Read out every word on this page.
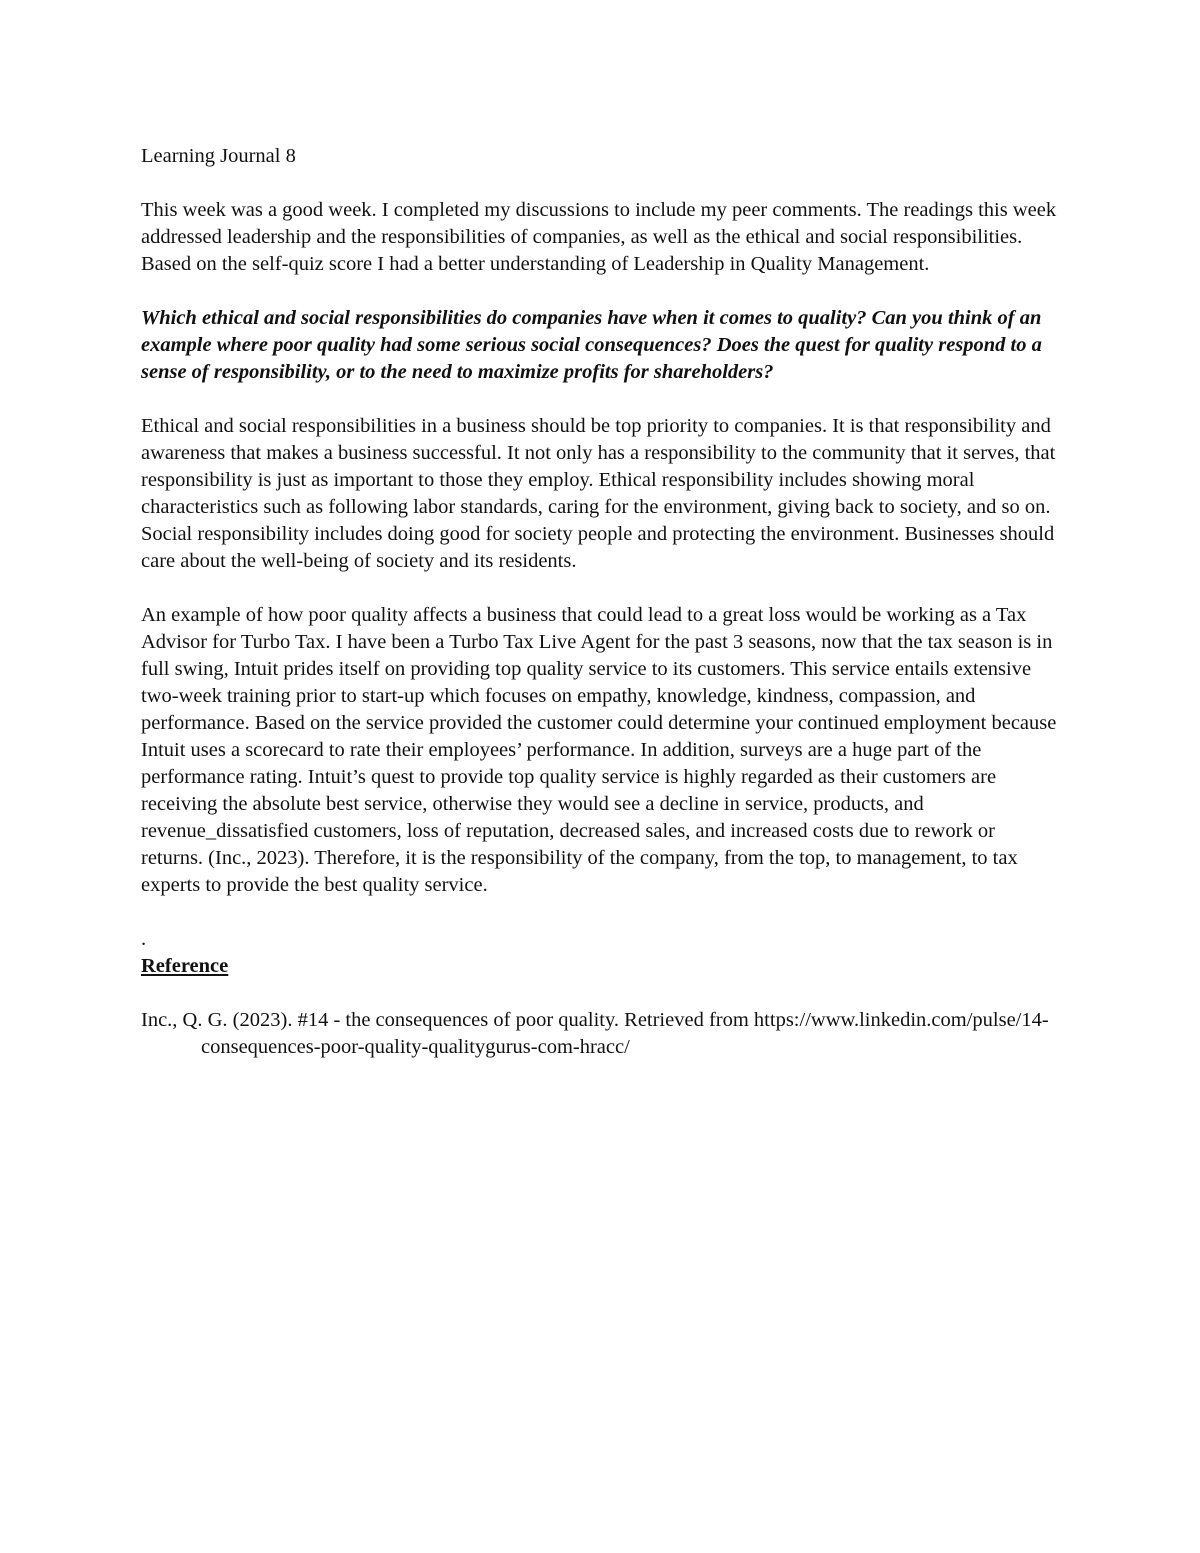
Learning Journal 8

This week was a good week. I completed my discussions to include my peer comments. The readings this week addressed leadership and the responsibilities of companies, as well as the ethical and social responsibilities. Based on the self-quiz score I had a better understanding of Leadership in Quality Management.

Which ethical and social responsibilities do companies have when it comes to quality? Can you think of an example where poor quality had some serious social consequences? Does the quest for quality respond to a sense of responsibility, or to the need to maximize profits for shareholders?

Ethical and social responsibilities in a business should be top priority to companies. It is that responsibility and awareness that makes a business successful. It not only has a responsibility to the community that it serves, that responsibility is just as important to those they employ. Ethical responsibility includes showing moral characteristics such as following labor standards, caring for the environment, giving back to society, and so on. Social responsibility includes doing good for society people and protecting the environment. Businesses should care about the well-being of society and its residents.

An example of how poor quality affects a business that could lead to a great loss would be working as a Tax Advisor for Turbo Tax. I have been a Turbo Tax Live Agent for the past 3 seasons, now that the tax season is in full swing, Intuit prides itself on providing top quality service to its customers. This service entails extensive two-week training prior to start-up which focuses on empathy, knowledge, kindness, compassion, and performance. Based on the service provided the customer could determine your continued employment because Intuit uses a scorecard to rate their employees’ performance. In addition, surveys are a huge part of the performance rating. Intuit’s quest to provide top quality service is highly regarded as their customers are receiving the absolute best service, otherwise they would see a decline in service, products, and revenue_dissatisfied customers, loss of reputation, decreased sales, and increased costs due to rework or returns. (Inc., 2023). Therefore, it is the responsibility of the company, from the top, to management, to tax experts to provide the best quality service.

.

Reference

Inc., Q. G. (2023). #14 - the consequences of poor quality. Retrieved from https://www.linkedin.com/pulse/14-consequences-poor-quality-qualitygurus-com-hracc/
